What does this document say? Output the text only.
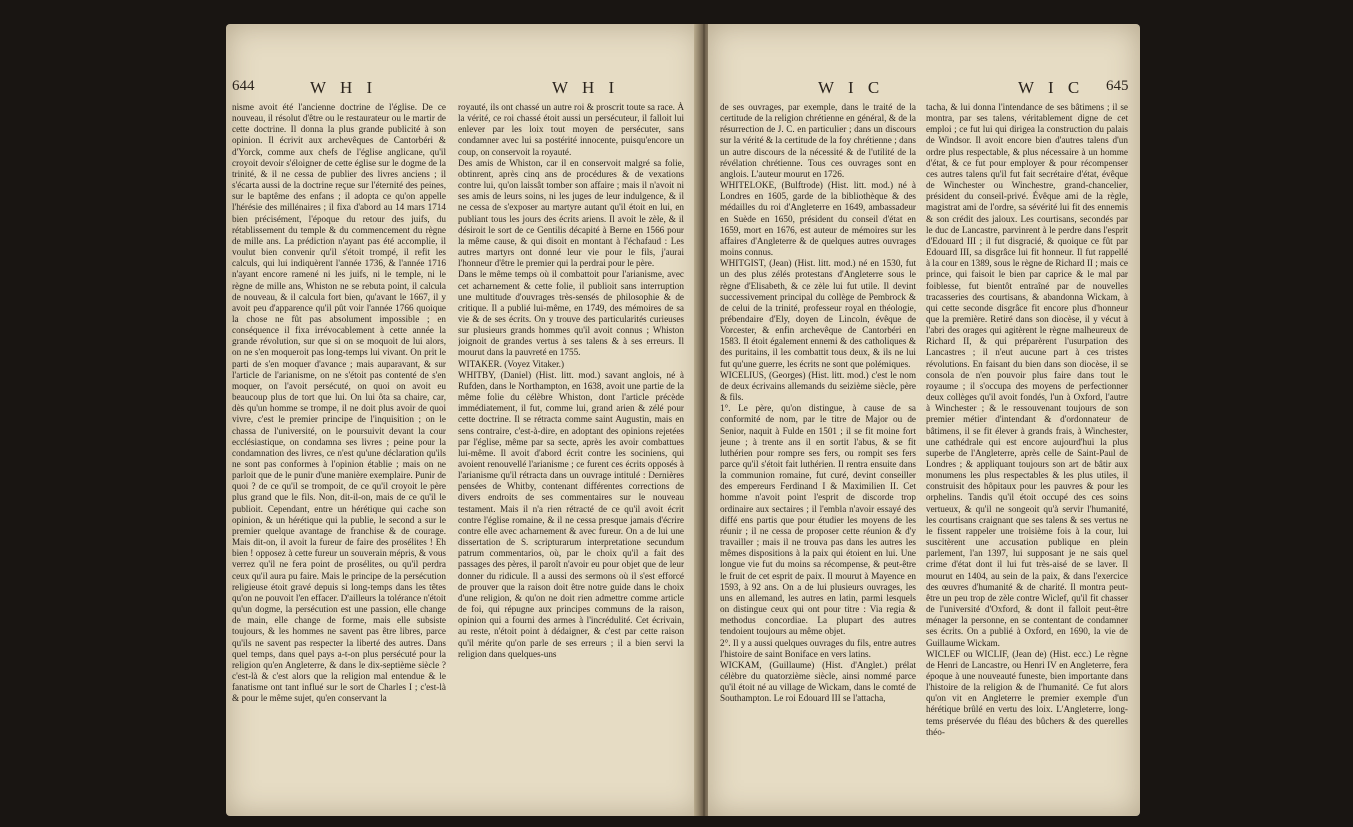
644	W H I	W H I

nisme avoit été l'ancienne doctrine de l'église. De ce nouveau, il résolut d'être ou le restaurateur ou le martir de cette doctrine. Il donna la plus grande publicité à son opinion. Il écrivit aux archevêques de Cantorbéri & d'Yorck, comme aux chefs de l'église anglicane, qu'il croyoit devoir s'éloigner de cette église sur le dogme de la trinité, & il ne cessa de publier des livres anciens ; il s'écarta aussi de la doctrine reçue sur l'éternité des peines, sur le baptême des enfans ; il adopta ce qu'on appelle l'hérésie des millénaires ; il fixa d'abord au 14 mars 1714 bien précisément, l'époque du retour des juifs, du rétablissement du temple & du commencement du règne de mille ans. La prédiction n'ayant pas été accomplie, il voulut bien convenir qu'il s'étoit trompé, il refit les calculs, qui lui indiquèrent l'année 1736, & l'année 1716 n'ayant encore ramené ni les juifs, ni le temple, ni le règne de mille ans, Whiston ne se rebuta point, il calcula de nouveau, & il calcula fort bien, qu'avant le 1667, il y avoit peu d'apparence qu'il pût voir l'année 1766 quoique la chose ne fût pas absolument impossible ; en conséquence il fixa irrévocablement à cette année la grande révolution, sur que si on se moquoit de lui alors, on ne s'en moqueroit pas long-temps lui vivant. On prit le parti de s'en moquer d'avance ; mais auparavant, & sur l'article de l'arianisme, on ne s'étoit pas contenté de s'en moquer, on l'avoit persécuté, on quoi on avoit eu beaucoup plus de tort que lui. On lui ôta sa chaire, car, dès qu'un homme se trompe, il ne doit plus avoir de quoi vivre, c'est le premier principe de l'inquisition ; on le chassa de l'université, on le poursuivit devant la cour ecclésiastique, on condamna ses livres ; peine pour la condamnation des livres, ce n'est qu'une déclaration qu'ils ne sont pas conformes à l'opinion établie ; mais on ne parloit que de le punir d'une manière exemplaire. Punir de quoi ? de ce qu'il se trompoit, de ce qu'il croyoit le père plus grand que le fils. Non, dit-il-on, mais de ce qu'il le publioit. Cependant, entre un hérétique qui cache son opinion, & un hérétique qui la publie, le second a sur le premier quelque avantage de franchise & de courage. Mais dit-on, il avoit la fureur de faire des prosélites ! Eh bien ! opposez à cette fureur un souverain mépris, & vous verrez qu'il ne fera point de prosélites, ou qu'il perdra ceux qu'il aura pu faire. Mais le principe de la persécution religieuse étoit gravé depuis si long-temps dans les têtes qu'on ne pouvoit l'en effacer. D'ailleurs la tolérance n'étoit qu'un dogme, la persécution est une passion, elle change de main, elle change de forme, mais elle subsiste toujours, & les hommes ne savent pas être libres, parce qu'ils ne savent pas respecter la liberté des autres. Dans quel temps, dans quel pays a-t-on plus persécuté pour la religion qu'en Angleterre, & dans le dix-septième siècle ? c'est-là & c'est alors que la religion mal entendue & le fanatisme ont tant influé sur le sort de Charles I ; c'est-là & pour le même sujet, qu'en conservant la

royauté, ils ont chassé un autre roi & proscrit toute sa race. À la vérité, ce roi chassé étoit aussi un persécuteur, il falloit lui enlever par les loix tout moyen de persécuter, sans condamner avec lui sa postérité innocente, puisqu'encore un coup, on conservoit la royauté.
Des amis de Whiston, car il en conservoit malgré sa folie, obtinrent, après cinq ans de procédures & de vexations contre lui, qu'on laissât tomber son affaire ; mais il n'avoit ni ses amis de leurs soins, ni les juges de leur indulgence, & il ne cessa de s'exposer au martyre autant qu'il étoit en lui, en publiant tous les jours des écrits ariens. Il avoit le zèle, & il désiroit le sort de ce Gentilis décapité à Berne en 1566 pour la même cause, & qui disoit en montant à l'échafaud : Les autres martyrs ont donné leur vie pour le fils, j'aurai l'honneur d'être le premier qui la perdrai pour le père.
Dans le même temps où il combattoit pour l'arianisme, avec cet acharnement & cette folie, il publioit sans interruption une multitude d'ouvrages très-sensés de philosophie & de critique. Il a publié lui-même, en 1749, des mémoires de sa vie & de ses écrits. On y trouve des particularités curieuses sur plusieurs grands hommes qu'il avoit connus ; Whiston joignoit de grandes vertus à ses talens & à ses erreurs. Il mourut dans la pauvreté en 1755.
WITAKER. (Voyez Vitaker.)
WHITBY, (Daniel) (Hist. litt. mod.) savant anglois, né à Rufden, dans le Northampton, en 1638, avoit une partie de la même folie du célèbre Whiston, dont l'article précède immédiatement, il fut, comme lui, grand arien & zélé pour cette doctrine. Il se rétracta comme saint Augustin, mais en sens contraire, c'est-à-dire, en adoptant des opinions rejetées par l'église, même par sa secte, après les avoir combattues lui-même. Il avoit d'abord écrit contre les sociniens, qui avoient renouvellé l'arianisme ; ce furent ces écrits opposés à l'arianisme qu'il rétracta dans un ouvrage intitulé : Dernières pensées de Whitby, contenant différentes corrections de divers endroits de ses commentaires sur le nouveau testament. Mais il n'a rien rétracté de ce qu'il avoit écrit contre l'église romaine, & il ne cessa presque jamais d'écrire contre elle avec acharnement & avec fureur. On a de lui une dissertation de S. scripturarum interpretatione secundum patrum commentarios, où, par le choix qu'il a fait des passages des pères, il paroît n'avoir eu pour objet que de leur donner du ridicule. Il a aussi des sermons où il s'est efforcé de prouver que la raison doit être notre guide dans le choix d'une religion, & qu'on ne doit rien admettre comme article de foi, qui répugne aux principes communs de la raison, opinion qui a fourni des armes à l'incrédulité. Cet écrivain, au reste, n'étoit point à dédaigner, & c'est par cette raison qu'il mérite qu'on parle de ses erreurs ; il a bien servi la religion dans quelques-uns

W I C	W I C 645

de ses ouvrages, par exemple, dans le traité de la certitude de la religion chrétienne en général, & de la résurrection de J. C. en particulier ; dans un discours sur la vérité & la certitude de la foy chrétienne ; dans un autre discours de la nécessité & de l'utilité de la révélation chrétienne. Tous ces ouvrages sont en anglois. L'auteur mourut en 1726.
WHITELOKE, (Bulftrode) (Hist. litt. mod.) né à Londres en 1605, garde de la bibliothèque & des médailles du roi d'Angleterre en 1649, ambassadeur en Suède en 1650, président du conseil d'état en 1659, mort en 1676, est auteur de mémoires sur les affaires d'Angleterre & de quelques autres ouvrages moins connus.
WHITGIST, (Jean) (Hist. litt. mod.) né en 1530, fut un des plus zélés protestans d'Angleterre sous le règne d'Elisabeth, & ce zèle lui fut utile. Il devint successivement principal du collège de Pembrock & de celui de la trinité, professeur royal en théologie, prébendaire d'Ely, doyen de Lincoln, évêque de Vorcester, & enfin archevêque de Cantorbéri en 1583. Il étoit également ennemi & des catholiques & des puritains, il les combattit tous deux, & ils ne lui fut qu'une guerre, les écrits ne sont que polémiques.
WICELIUS, (Georges) (Hist. litt. mod.) c'est le nom de deux écrivains allemands du seizième siècle, père & fils.
1°. Le père, qu'on distingue, à cause de sa conformité de nom, par le titre de Major ou de Senior, naquit à Fulde en 1501 ; il se fit moine fort jeune ; à trente ans il en sortit l'abus, & se fit luthérien pour rompre ses fers, ou rompit ses fers parce qu'il s'étoit fait luthérien. Il rentra ensuite dans la communion romaine, fut curé, devint conseiller des empereurs Ferdinand I & Maximilien II. Cet homme n'avoit point l'esprit de discorde trop ordinaire aux sectaires ; il l'embla n'avoir essayé des diffé ens partis que pour étudier les moyens de les réunir ; il ne cessa de proposer cette réunion & d'y travailler ; mais il ne trouva pas dans les autres les mêmes dispositions à la paix qui étoient en lui. Une longue vie fut du moins sa récompense, & peut-être le fruit de cet esprit de paix. Il mourut à Mayence en 1593, à 92 ans. On a de lui plusieurs ouvrages, les uns en allemand, les autres en latin, parmi lesquels on distingue ceux qui ont pour titre : Via regia & methodus concordiae. La plupart des autres tendoient toujours au même objet.
2°. Il y a aussi quelques ouvrages du fils, entre autres l'histoire de saint Boniface en vers latins.
WICKAM, (Guillaume) (Hist. d'Anglet.) prélat célèbre du quatorzième siècle, ainsi nommé parce qu'il étoit né au village de Wickam, dans le comté de Southampton. Le roi Edouard III se l'attacha,

tacha, & lui donna l'intendance de ses bâtimens ; il se montra, par ses talens, véritablement digne de cet emploi ; ce fut lui qui dirigea la construction du palais de Windsor. Il avoit encore bien d'autres talens d'un ordre plus respectable, & plus nécessaire à un homme d'état, & ce fut pour employer & pour récompenser ces autres talens qu'il fut fait secrétaire d'état, évêque de Winchester ou Winchestre, grand-chancelier, président du conseil-privé. Évêque ami de la règle, magistrat ami de l'ordre, sa sévérité lui fit des ennemis & son crédit des jaloux. Les courtisans, secondés par le duc de Lancastre, parvinrent à le perdre dans l'esprit d'Edouard III ; il fut disgracié, & quoique ce fût par Edouard III, sa disgrâce lui fit honneur. Il fut rappellé à la cour en 1389, sous le règne de Richard II ; mais ce prince, qui faisoit le bien par caprice & le mal par foiblesse, fut bientôt entraîné par de nouvelles tracasseries des courtisans, & abandonna Wickam, à qui cette seconde disgrâce fit encore plus d'honneur que la première. Retiré dans son diocèse, il y vécut à l'abri des orages qui agitèrent le règne malheureux de Richard II, & qui préparèrent l'usurpation des Lancastres ; il n'eut aucune part à ces tristes révolutions. En faisant du bien dans son diocèse, il se consola de n'en pouvoir plus faire dans tout le royaume ; il s'occupa des moyens de perfectionner deux collèges qu'il avoit fondés, l'un à Oxford, l'autre à Winchester ; & le ressouvenant toujours de son premier métier d'intendant & d'ordonnateur de bâtimens, il se fit élever à grands frais, à Winchester, une cathédrale qui est encore aujourd'hui la plus superbe de l'Angleterre, après celle de Saint-Paul de Londres ; & appliquant toujours son art de bâtir aux monumens les plus respectables & les plus utiles, il construisit des hôpitaux pour les pauvres & pour les orphelins. Tandis qu'il étoit occupé des ces soins vertueux, & qu'il ne songeoit qu'à servir l'humanité, les courtisans craignant que ses talens & ses vertus ne le fissent rappeler une troisième fois à la cour, lui suscitèrent une accusation publique en plein parlement, l'an 1397, lui supposant je ne sais quel crime d'état dont il lui fut très-aisé de se laver. Il mourut en 1404, au sein de la paix, & dans l'exercice des œuvres d'humanité & de charité. Il montra peut-être un peu trop de zèle contre Wiclef, qu'il fit chasser de l'université d'Oxford, & dont il falloit peut-être ménager la personne, en se contentant de condamner ses écrits. On a publié à Oxford, en 1690, la vie de Guillaume Wickam.
WICLEF ou WICLIF, (Jean de) (Hist. ecc.) Le règne de Henri de Lancastre, ou Henri IV en Angleterre, fera époque à une nouveauté funeste, bien importante dans l'histoire de la religion & de l'humanité. Ce fut alors qu'on vit en Angleterre le premier exemple d'un hérétique brûlé en vertu des loix. L'Angleterre, long-tems préservée du fléau des bûchers & des querelles théo-
